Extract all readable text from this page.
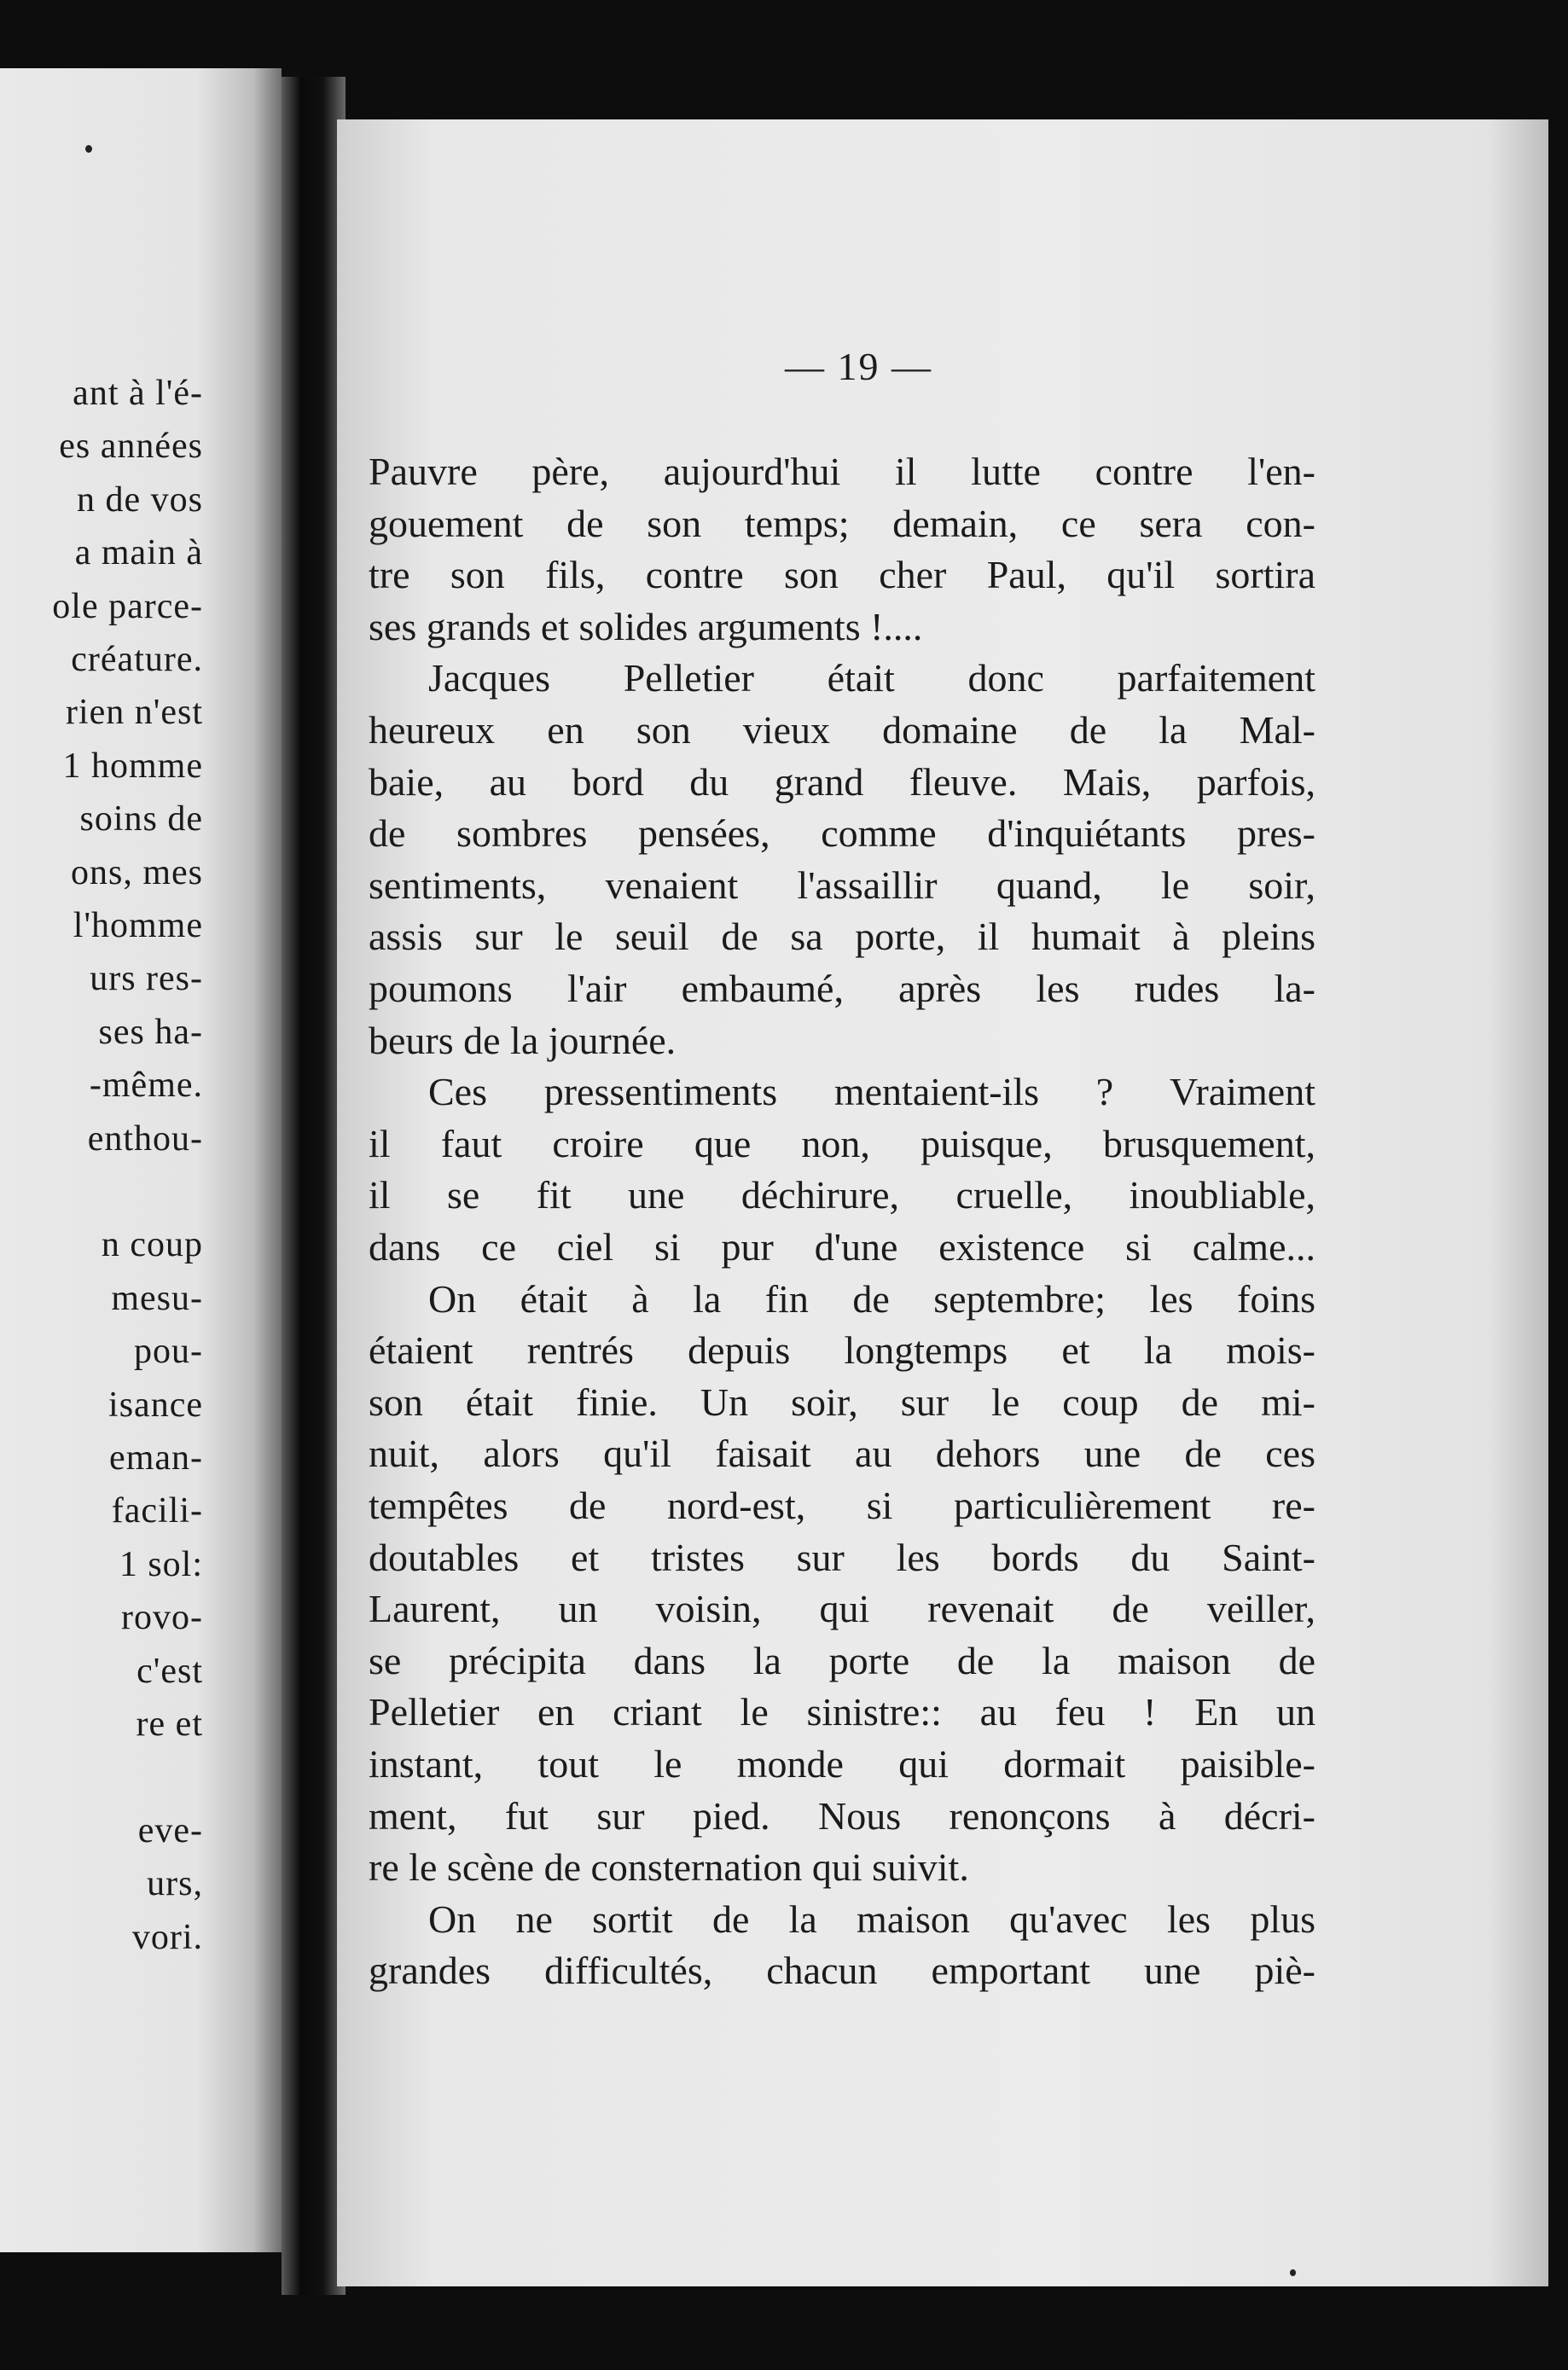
ant à l'é-
es années
n de vos
a main à
ole parce-
créature.
rien n'est
1 homme
soins de
ons, mes
l'homme
urs res-
ses ha-
-même.
enthou-
n coup
mesu-
pou-
isance
eman-
facili-
1 sol:
rovo-
c'est
re et
eve-
urs,
vori.
— 19 —
Pauvre père, aujourd'hui il lutte contre l'en-
gouement de son temps; demain, ce sera con-
tre son fils, contre son cher Paul, qu'il sortira
ses grands et solides arguments !....
Jacques Pelletier était donc parfaitement
heureux en son vieux domaine de la Mal-
baie, au bord du grand fleuve. Mais, parfois,
de sombres pensées, comme d'inquiétants pres-
sentiments, venaient l'assaillir quand, le soir,
assis sur le seuil de sa porte, il humait à pleins
poumons l'air embaumé, après les rudes la-
beurs de la journée.
Ces pressentiments mentaient-ils ? Vraiment
il faut croire que non, puisque, brusquement,
il se fit une déchirure, cruelle, inoubliable,
dans ce ciel si pur d'une existence si calme...
On était à la fin de septembre; les foins
étaient rentrés depuis longtemps et la mois-
son était finie. Un soir, sur le coup de mi-
nuit, alors qu'il faisait au dehors une de ces
tempêtes de nord-est, si particulièrement re-
doutables et tristes sur les bords du Saint-
Laurent, un voisin, qui revenait de veiller,
se précipita dans la porte de la maison de
Pelletier en criant le sinistre:: au feu ! En un
instant, tout le monde qui dormait paisible-
ment, fut sur pied. Nous renonçons à décri-
re le scène de consternation qui suivit.
On ne sortit de la maison qu'avec les plus
grandes difficultés, chacun emportant une piè-
